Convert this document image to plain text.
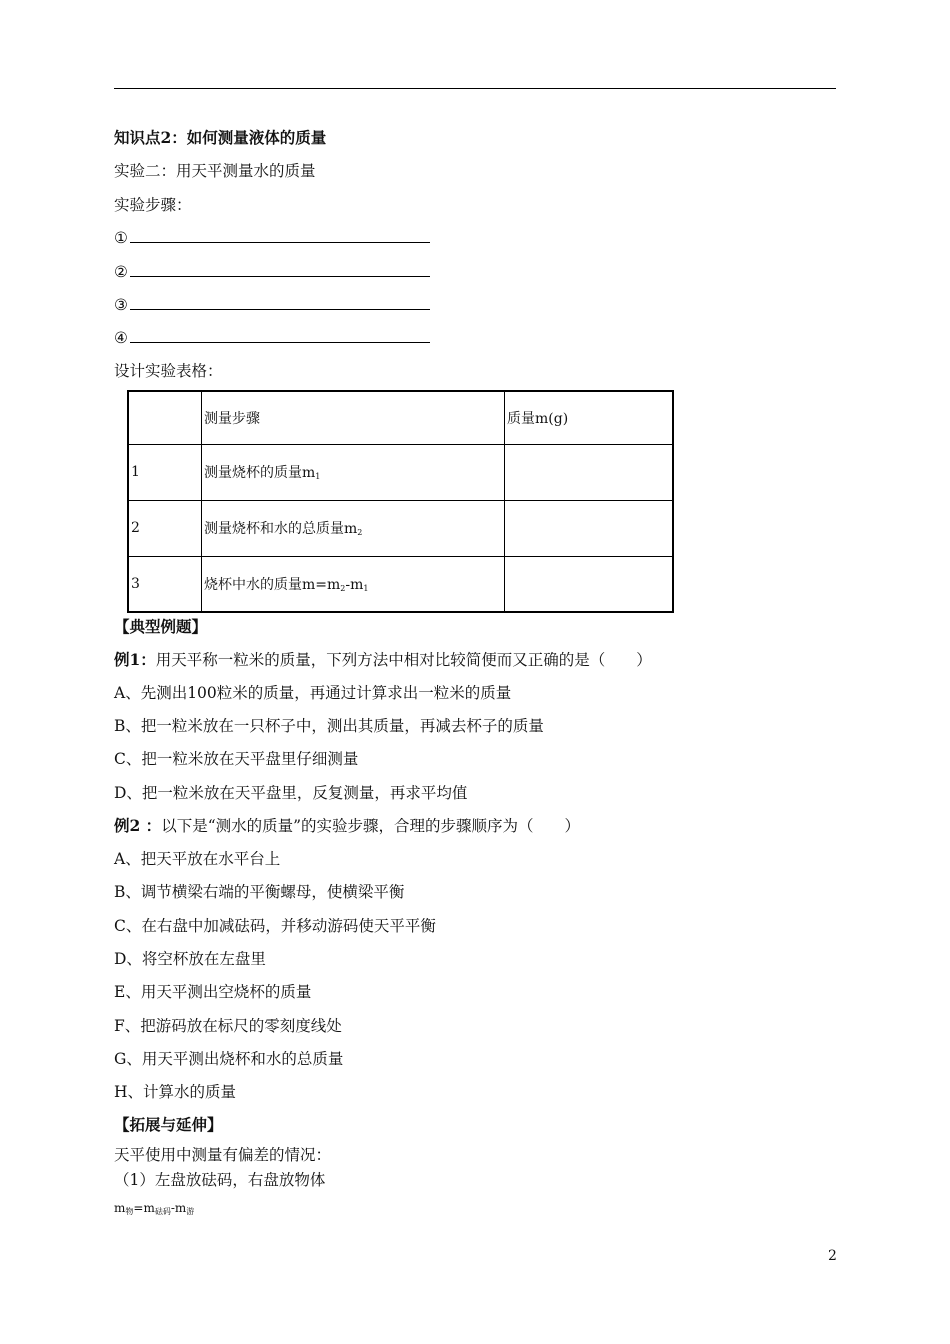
知识点2：如何测量液体的质量
实验二：用天平测量水的质量
实验步骤：
①
②
③
④
设计实验表格：
	测量步骤	质量m(g)
1	测量烧杯的质量$m_1$	
2	测量烧杯和水的总质量$m_2$	
3	烧杯中水的质量$m=m_2-m_1$	
【典型例题】
例1：用天平称一粒米的质量，下列方法中相对比较简便而又正确的是（　　）
A、先测出100粒米的质量，再通过计算求出一粒米的质量
B、把一粒米放在一只杯子中，测出其质量，再减去杯子的质量
C、把一粒米放在天平盘里仔细测量
D、把一粒米放在天平盘里，反复测量，再求平均值
例2 ：以下是“测水的质量”的实验步骤，合理的步骤顺序为（　　）
A、把天平放在水平台上
B、调节横梁右端的平衡螺母，使横梁平衡
C、在右盘中加减砝码，并移动游码使天平平衡
D、将空杯放在左盘里
E、用天平测出空烧杯的质量
F、把游码放在标尺的零刻度线处
G、用天平测出烧杯和水的总质量
H、计算水的质量
【拓展与延伸】
天平使用中测量有偏差的情况：
（1）左盘放砝码，右盘放物体
$m_物=m_{砝码}-m_游$
2
